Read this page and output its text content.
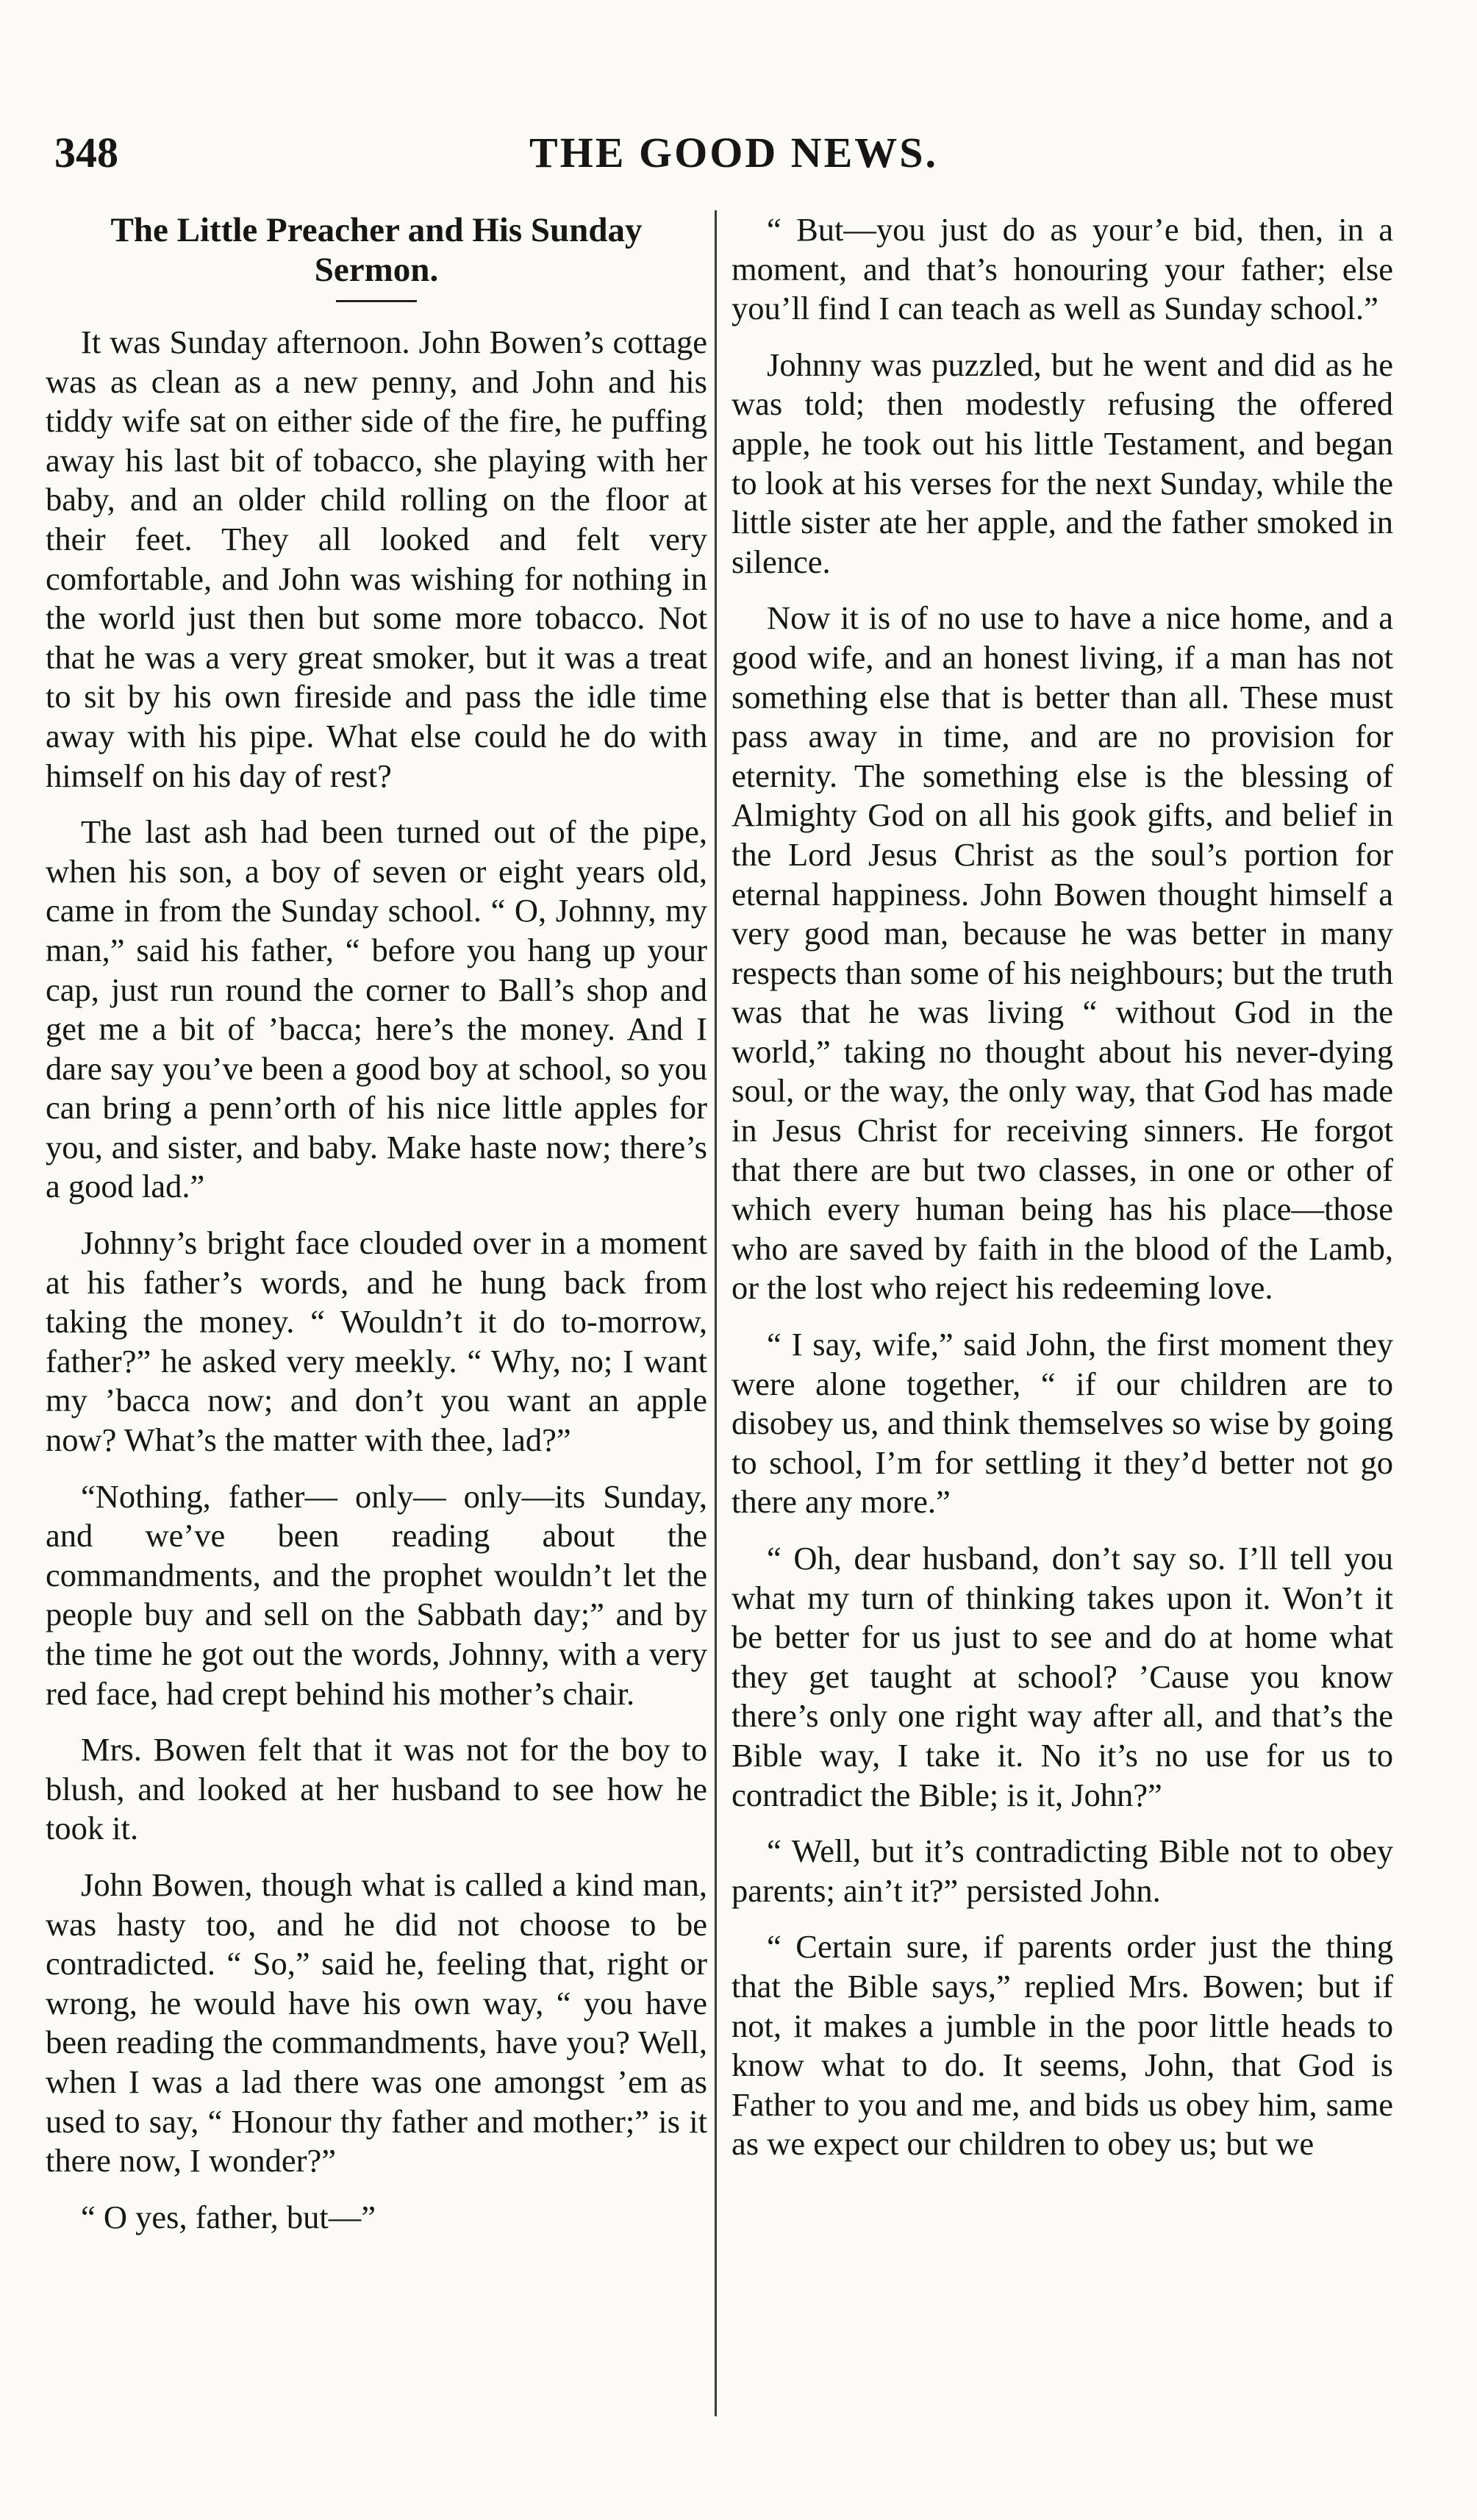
348	THE GOOD NEWS.
The Little Preacher and His Sunday Sermon.

It was Sunday afternoon. John Bowen’s cottage was as clean as a new penny, and John and his tiddy wife sat on either side of the fire, he puffing away his last bit of tobacco, she playing with her baby, and an older child rolling on the floor at their feet. They all looked and felt very comfortable, and John was wishing for nothing in the world just then but some more tobacco. Not that he was a very great smoker, but it was a treat to sit by his own fireside and pass the idle time away with his pipe. What else could he do with himself on his day of rest?

The last ash had been turned out of the pipe, when his son, a boy of seven or eight years old, came in from the Sunday school. “ O, Johnny, my man,” said his father, “ before you hang up your cap, just run round the corner to Ball’s shop and get me a bit of ’bacca; here’s the money. And I dare say you’ve been a good boy at school, so you can bring a penn’orth of his nice little apples for you, and sister, and baby. Make haste now; there’s a good lad.”

Johnny’s bright face clouded over in a moment at his father’s words, and he hung back from taking the money. “ Wouldn’t it do to-morrow, father?” he asked very meekly. “ Why, no; I want my ’bacca now; and don’t you want an apple now? What’s the matter with thee, lad?”

“Nothing, father— only— only—its Sunday, and we’ve been reading about the commandments, and the prophet wouldn’t let the people buy and sell on the Sabbath day;” and by the time he got out the words, Johnny, with a very red face, had crept behind his mother’s chair.

Mrs. Bowen felt that it was not for the boy to blush, and looked at her husband to see how he took it.

John Bowen, though what is called a kind man, was hasty too, and he did not choose to be contradicted. “ So,” said he, feeling that, right or wrong, he would have his own way, “ you have been reading the commandments, have you? Well, when I was a lad there was one amongst ’em as used to say, “ Honour thy father and mother;” is it there now, I wonder?”

“ O yes, father, but—”

“ But—you just do as your’e bid, then, in a moment, and that’s honouring your father; else you’ll find I can teach as well as Sunday school.”

Johnny was puzzled, but he went and did as he was told; then modestly refusing the offered apple, he took out his little Testament, and began to look at his verses for the next Sunday, while the little sister ate her apple, and the father smoked in silence.

Now it is of no use to have a nice home, and a good wife, and an honest living, if a man has not something else that is better than all. These must pass away in time, and are no provision for eternity. The something else is the blessing of Almighty God on all his gook gifts, and belief in the Lord Jesus Christ as the soul’s portion for eternal happiness. John Bowen thought himself a very good man, because he was better in many respects than some of his neighbours; but the truth was that he was living “ without God in the world,” taking no thought about his never-dying soul, or the way, the only way, that God has made in Jesus Christ for receiving sinners. He forgot that there are but two classes, in one or other of which every human being has his place—those who are saved by faith in the blood of the Lamb, or the lost who reject his redeeming love.

“ I say, wife,” said John, the first moment they were alone together, “ if our children are to disobey us, and think themselves so wise by going to school, I’m for settling it they’d better not go there any more.”

“ Oh, dear husband, don’t say so. I’ll tell you what my turn of thinking takes upon it. Won’t it be better for us just to see and do at home what they get taught at school? ’Cause you know there’s only one right way after all, and that’s the Bible way, I take it. No it’s no use for us to contradict the Bible; is it, John?”

“ Well, but it’s contradicting Bible not to obey parents; ain’t it?” persisted John.

“ Certain sure, if parents order just the thing that the Bible says,” replied Mrs. Bowen; but if not, it makes a jumble in the poor little heads to know what to do. It seems, John, that God is Father to you and me, and bids us obey him, same as we expect our children to obey us; but we
